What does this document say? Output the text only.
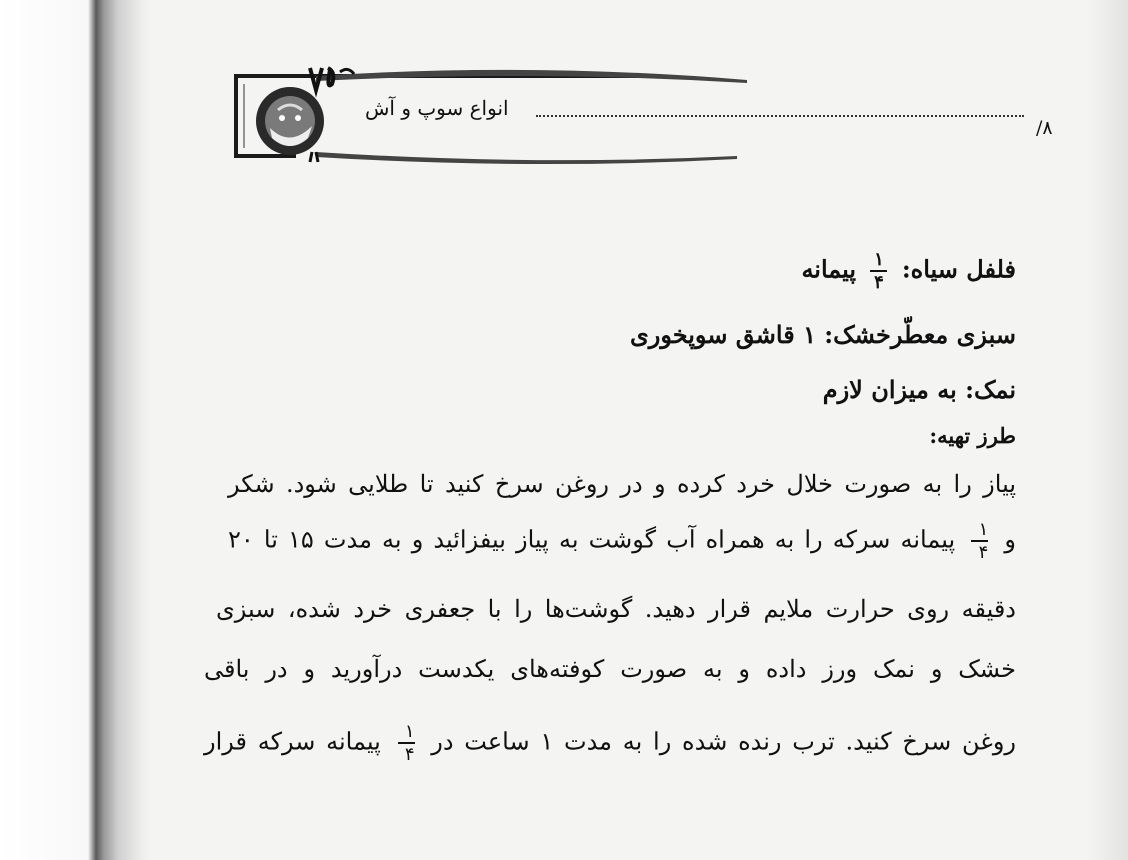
انواع سوپ و آش
/۸
فلفل سیاه:
$\frac{۱}{۴}$
پیمانه
سبزی معطّرخشک: ۱ قاشق سوپخوری
نمک: به میزان لازم
طرز تهیه:
پیاز را به صورت خلال خرد کرده و در روغن سرخ کنید تا طلایی شود. شکر
و
$\frac{۱}{۴}$
پیمانه سرکه را به همراه آب گوشت به پیاز بیفزائید و به مدت ۱۵ تا ۲۰
دقیقه روی حرارت ملایم قرار دهید. گوشت‌ها را با جعفری خرد شده، سبزی
خشک و نمک ورز داده و به صورت کوفته‌های یکدست درآورید و در باقی
روغن سرخ کنید. ترب رنده شده را به مدت ۱ ساعت در
$\frac{۱}{۴}$
پیمانه سرکه قرار
